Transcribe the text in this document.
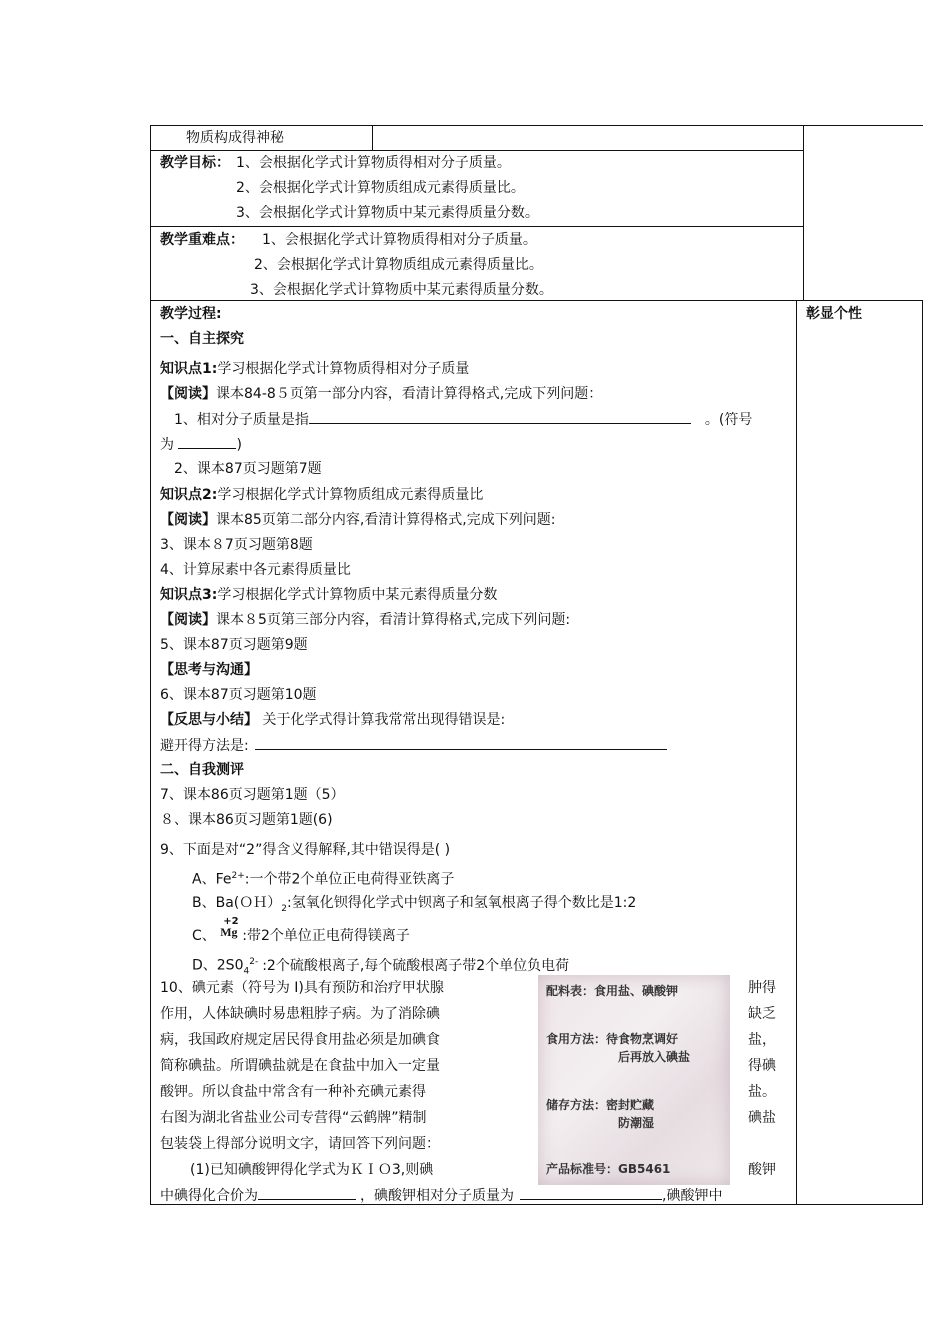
物质构成得神秘
教学目标： 1、会根据化学式计算物质得相对分子质量。
2、会根据化学式计算物质组成元素得质量比。
3、会根据化学式计算物质中某元素得质量分数。
教学重难点： 1、会根据化学式计算物质得相对分子质量。
2、会根据化学式计算物质组成元素得质量比。
3、会根据化学式计算物质中某元素得质量分数。
彰显个性
教学过程:
一、自主探究
知识点1:学习根据化学式计算物质得相对分子质量
【阅读】课本84-8５页第一部分内容，看清计算得格式,完成下列问题：
1、相对分子质量是指	。(符号
为	)
2、课本87页习题第7题
知识点2:学习根据化学式计算物质组成元素得质量比
【阅读】课本85页第二部分内容,看清计算得格式,完成下列问题:
3、课本８7页习题第8题
4、计算尿素中各元素得质量比
知识点3:学习根据化学式计算物质中某元素得质量分数
【阅读】课本８5页第三部分内容，看清计算得格式,完成下列问题:
5、课本87页习题第9题
【思考与沟通】
6、课本87页习题第10题
【反思与小结】 关于化学式得计算我常常出现得错误是:
避开得方法是:
二、自我测评
7、课本86页习题第1题（5）
８、课本86页习题第1题(6)
9、下面是对“2”得含义得解释,其中错误得是( )
A、$Fe^{2+}$:一个带2个单位正电荷得亚铁离子
B、$Ba(OH)_2$:氢氧化钡得化学式中钡离子和氢氧根离子得个数比是1:2
C、
+2
Mg :带2个单位正电荷得镁离子
D、$2S0_4^{2-}$ :2个硫酸根离子,每个硫酸根离子带2个单位负电荷
10、碘元素（符号为 I)具有预防和治疗甲状腺
作用，人体缺碘时易患粗脖子病。为了消除碘
病，我国政府规定居民得食用盐必须是加碘食
简称碘盐。所谓碘盐就是在食盐中加入一定量
酸钾。所以食盐中常含有一种补充碘元素得
右图为湖北省盐业公司专营得“云鹤牌”精制
包装袋上得部分说明文字，请回答下列问题：
(1)已知碘酸钾得化学式为ＫＩＯ3,则碘
肿得
缺乏
盐，
得碘
盐。
碘盐
酸钾
配料表：食用盐、碘酸钾
食用方法：待食物烹调好
后再放入碘盐
储存方法：密封贮藏
防潮湿
产品标准号：GB5461
中碘得化合价为	，碘酸钾相对分子质量为	,碘酸钾中
